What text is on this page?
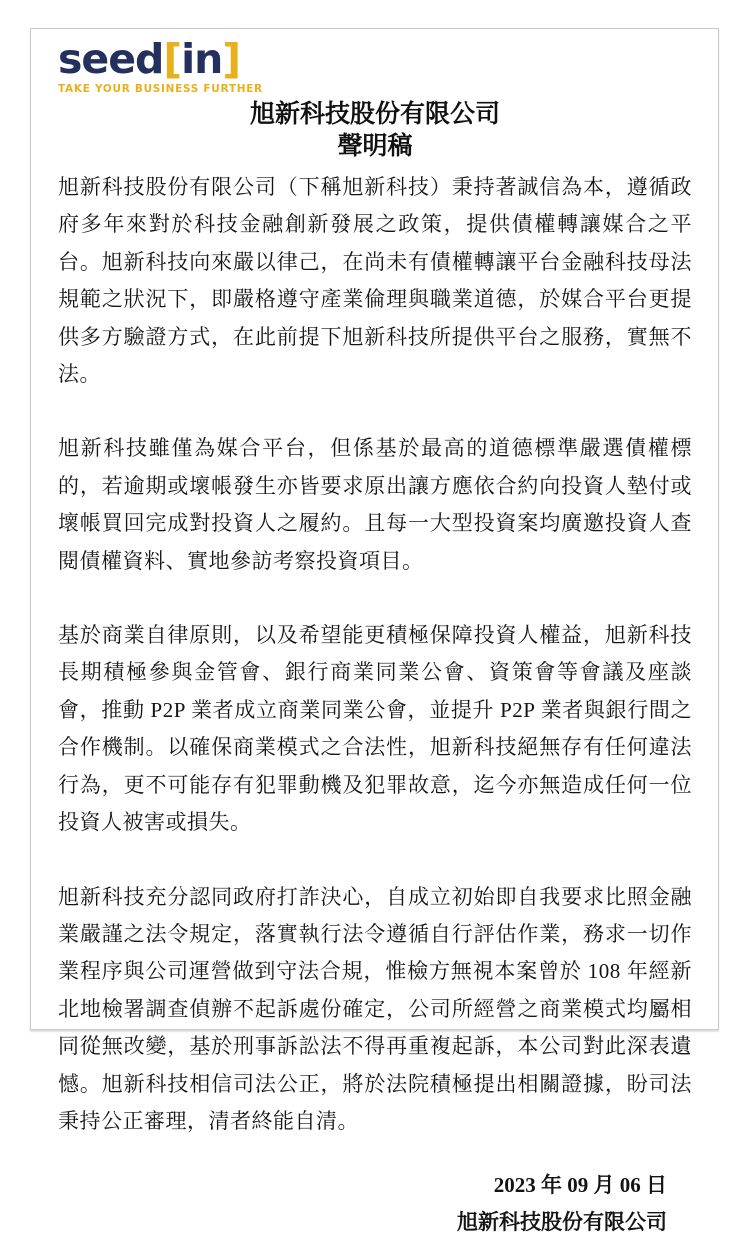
seed[in]
TAKE YOUR BUSINESS FURTHER
旭新科技股份有限公司
聲明稿

旭新科技股份有限公司（下稱旭新科技）秉持著誠信為本，遵循政府多年來對於科技金融創新發展之政策，提供債權轉讓媒合之平台。旭新科技向來嚴以律己，在尚未有債權轉讓平台金融科技母法規範之狀況下，即嚴格遵守產業倫理與職業道德，於媒合平台更提供多方驗證方式，在此前提下旭新科技所提供平台之服務，實無不法。

旭新科技雖僅為媒合平台，但係基於最高的道德標準嚴選債權標的，若逾期或壞帳發生亦皆要求原出讓方應依合約向投資人墊付或壞帳買回完成對投資人之履約。且每一大型投資案均廣邀投資人查閱債權資料、實地參訪考察投資項目。

基於商業自律原則，以及希望能更積極保障投資人權益，旭新科技長期積極參與金管會、銀行商業同業公會、資策會等會議及座談會，推動 P2P 業者成立商業同業公會，並提升 P2P 業者與銀行間之合作機制。以確保商業模式之合法性，旭新科技絕無存有任何違法行為，更不可能存有犯罪動機及犯罪故意，迄今亦無造成任何一位投資人被害或損失。

旭新科技充分認同政府打詐決心，自成立初始即自我要求比照金融業嚴謹之法令規定，落實執行法令遵循自行評估作業，務求一切作業程序與公司運營做到守法合規，惟檢方無視本案曾於 108 年經新北地檢署調查偵辦不起訴處份確定，公司所經營之商業模式均屬相同從無改變，基於刑事訴訟法不得再重複起訴，本公司對此深表遺憾。旭新科技相信司法公正，將於法院積極提出相關證據，盼司法秉持公正審理，清者終能自清。

2023 年 09 月 06 日
旭新科技股份有限公司
